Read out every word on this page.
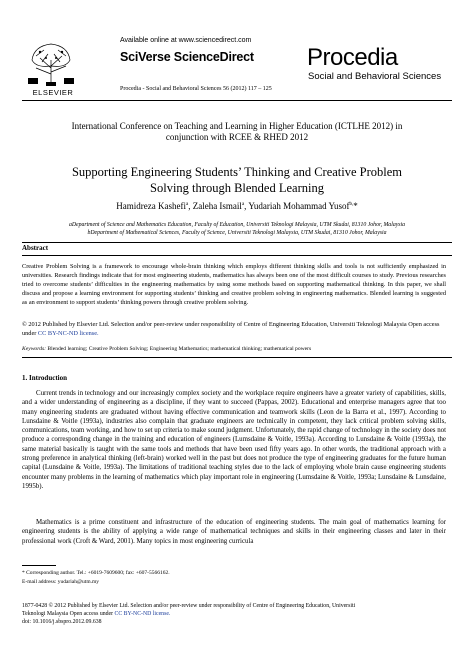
ELSEVIER
Available online at www.sciencedirect.com
SciVerse ScienceDirect
Procedia - Social and Behavioral Sciences 56 (2012) 117 – 125
Procedia
Social and Behavioral Sciences
International Conference on Teaching and Learning in Higher Education (ICTLHE 2012) in
conjunction with RCEE & RHED 2012
Supporting Engineering Students’ Thinking and Creative Problem
Solving through Blended Learning
Hamidreza Kashefi$^a$, Zaleha Ismail$^a$, Yudariah Mohammad Yusof$^{b,}$*
aDepartment of Science and Mathematics Education, Faculty of Education, Universiti Teknologi Malaysia, UTM Skudai, 81310 Johor, Malaysia
bDepartment of Mathematical Sciences, Faculty of Science, Universiti Teknologi Malaysia, UTM Skudai, 81310 Johor, Malaysia
Abstract
Creative Problem Solving is a framework to encourage whole-brain thinking which employs different thinking skills and tools is not sufficiently emphasized in universities. Research findings indicate that for most engineering students, mathematics has always been one of the most difficult courses to study. Previous researches tried to overcome students’ difficulties in the engineering mathematics by using some methods based on supporting mathematical thinking. In this paper, we shall discuss and propose a learning environment for supporting students’ thinking and creative problem solving in engineering mathematics. Blended learning is suggested as an environment to support students’ thinking powers through creative problem solving.
© 2012 Published by Elsevier Ltd. Selection and/or peer-review under responsibility of Centre of Engineering Education, Universiti Teknologi Malaysia Open access under CC BY-NC-ND license.
Keywords: Blended learning; Creative Problem Solving; Engineering Mathematics; mathematical thinking; mathematical powers
1. Introduction
Current trends in technology and our increasingly complex society and the workplace require engineers have a greater variety of capabilities, skills, and a wider understanding of engineering as a discipline, if they want to succeed (Pappas, 2002). Educational and enterprise managers agree that too many engineering students are graduated without having effective communication and teamwork skills (Leon de la Barra et al., 1997). According to Lunsdaine & Voitle (1993a), industries also complain that graduate engineers are technically in competent, they lack critical problem solving skills, communications, team working, and how to set up criteria to make sound judgment. Unfortunately, the rapid change of technology in the society does not produce a corresponding change in the training and education of engineers (Lumsdaine & Voitle, 1993a). According to Lunsdaine & Voitle (1993a), the same material basically is taught with the same tools and methods that have been used fifty years ago. In other words, the traditional approach with a strong preference in analytical thinking (left-brain) worked well in the past but does not produce the type of engineering graduates for the future human capital (Lunsdaine & Voitle, 1993a). The limitations of traditional teaching styles due to the lack of employing whole brain cause engineering students encounter many problems in the learning of mathematics which play important role in engineering (Lumsdaine & Voitle, 1993a; Lunsdaine & Lunsdaine, 1995b).
Mathematics is a prime constituent and infrastructure of the education of engineering students. The main goal of mathematics learning for engineering students is the ability of applying a wide range of mathematical techniques and skills in their engineering classes and later in their professional work (Croft & Ward, 2001). Many topics in most engineering curricula
* Corresponding author. Tel.: +6019-7609600; fax: +607-5566162.
E-mail address: yudariah@utm.my
1877-0428 © 2012 Published by Elsevier Ltd. Selection and/or peer-review under responsibility of Centre of Engineering Education, Universiti
Teknologi Malaysia Open access under CC BY-NC-ND license.
doi: 10.1016/j.sbspro.2012.09.638
